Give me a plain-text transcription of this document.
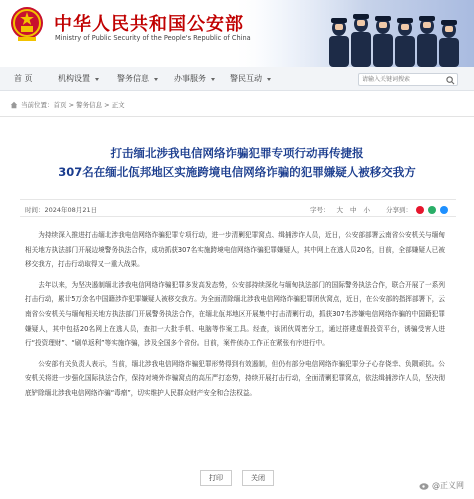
中华人民共和国公安部
Ministry of Public Security of the People's Republic of China
首 页	机构设置	警务信息	办事服务	警民互动
请输入关键词搜索
当前位置：首页 > 警务信息 > 正文
打击缅北涉我电信网络诈骗犯罪专项行动再传捷报
307名在缅北佤邦地区实施跨境电信网络诈骗的犯罪嫌疑人被移交我方
时间：2024年08月21日	字号： 大 中 小 分享到：

为持续深入推进打击缅北涉我电信网络诈骗犯罪专项行动，进一步清剿犯罪窝点、缉捕涉诈人员，近日，公安部部署云南省公安机关与缅甸相关地方执法部门开展边境警务执法合作，成功抓获307名实施跨境电信网络诈骗犯罪嫌疑人，其中网上在逃人员20名，目前，全部嫌疑人已被移交我方，打击行动取得又一重大战果。

去年以来，为坚决遏制缅北涉我电信网络诈骗犯罪多发高发态势，公安部持续深化与缅甸执法部门的国际警务执法合作，联合开展了一系列打击行动，累计5万余名中国籍涉诈犯罪嫌疑人被移交我方。为全面清除缅北涉我电信网络诈骗犯罪团伙窝点，近日，在公安部的指挥部署下，云南省公安机关与缅甸相关地方执法部门开展警务执法合作，在缅北佤邦地区开展集中打击清剿行动，抓获307名涉嫌电信网络诈骗的中国籍犯罪嫌疑人，其中包括20名网上在逃人员，查扣一大批手机、电脑等作案工具。经查，该团伙周密分工，通过搭建虚假投资平台，诱骗受害人进行“投资理财”、“刷单返利”等实施诈骗，涉及全国多个省份。目前，案件侦办工作正在紧张有序进行中。

公安部有关负责人表示，当前，缅北涉我电信网络诈骗犯罪形势得到有效遏制，但仍有部分电信网络诈骗犯罪分子心存侥幸、负隅顽抗。公安机关将进一步强化国际执法合作，保持对境外诈骗窝点的高压严打态势，持续开展打击行动，全面清剿犯罪窝点，依法缉捕涉诈人员，坚决彻底铲除缅北涉我电信网络诈骗“毒瘤”，切实维护人民群众财产安全和合法权益。

打印	关闭
@正义网
